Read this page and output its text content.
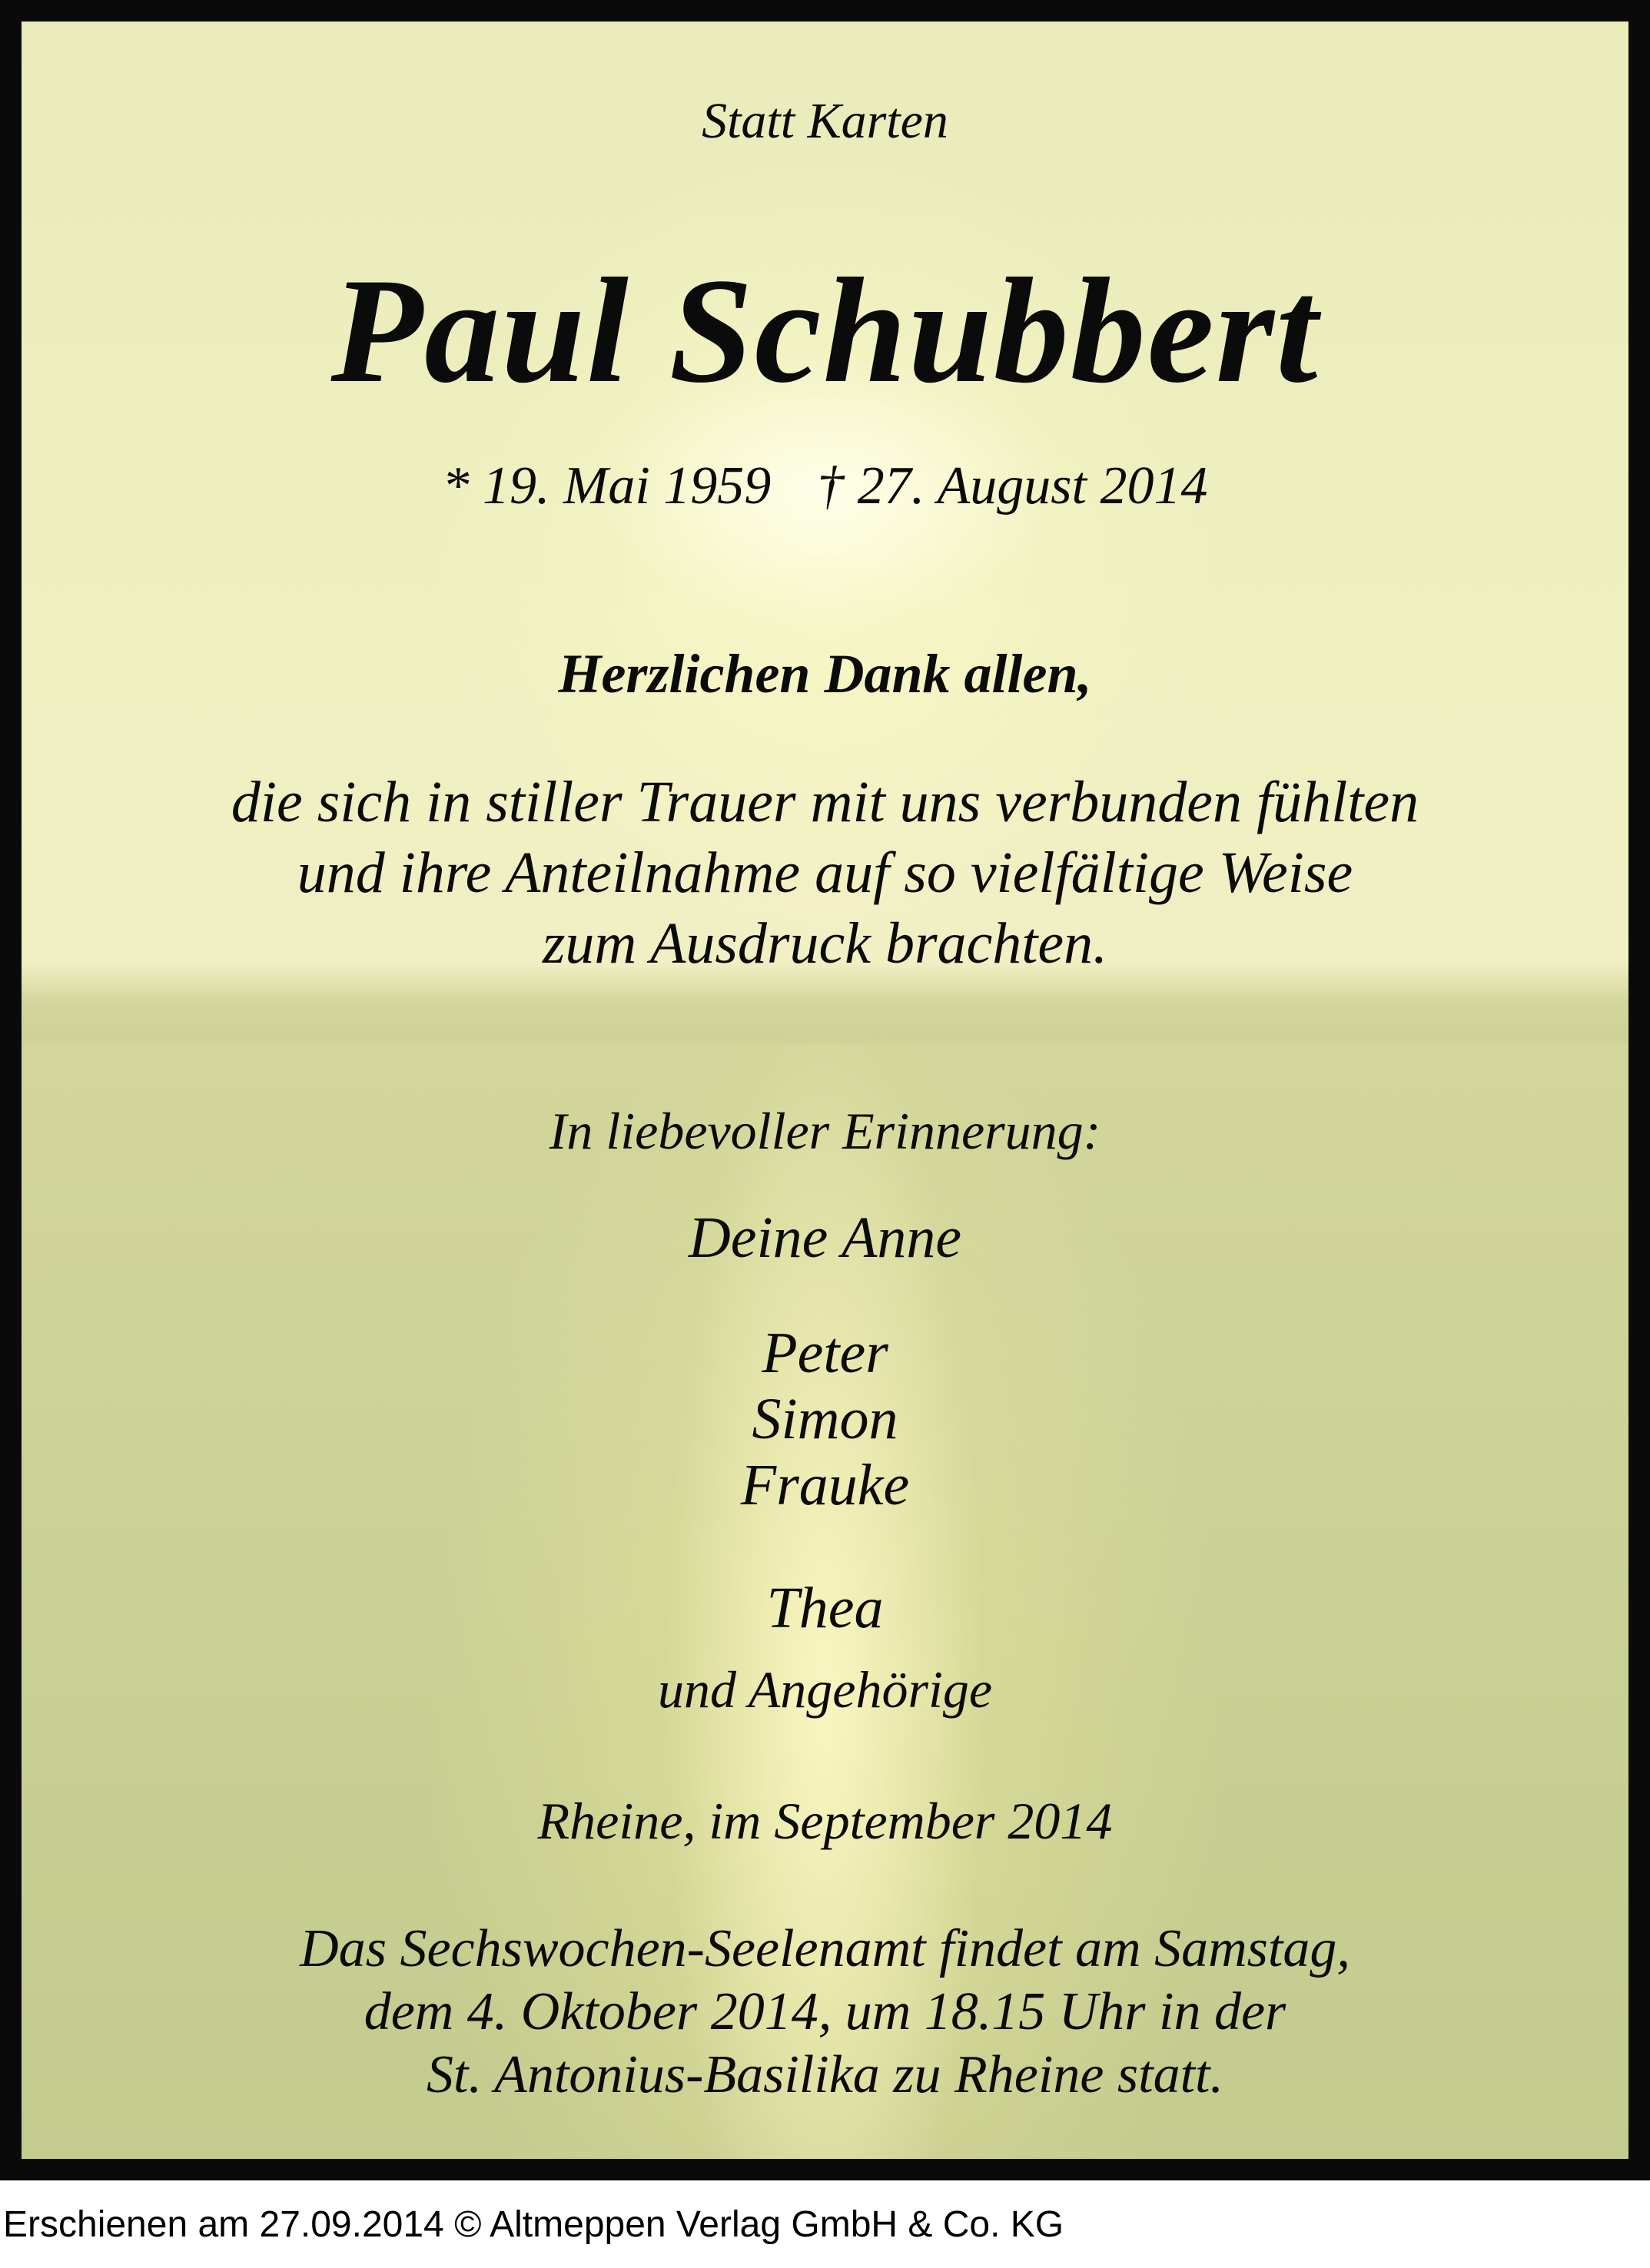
Statt Karten
Paul Schubbert
* 19. Mai 1959 † 27. August 2014
Herzlichen Dank allen,
die sich in stiller Trauer mit uns verbunden fühlten
und ihre Anteilnahme auf so vielfältige Weise
zum Ausdruck brachten.
In liebevoller Erinnerung:
Deine Anne
Peter
Simon
Frauke
Thea
und Angehörige
Rheine, im September 2014
Das Sechswochen-Seelenamt findet am Samstag,
dem 4. Oktober 2014, um 18.15 Uhr in der
St. Antonius-Basilika zu Rheine statt.
Erschienen am 27.09.2014 © Altmeppen Verlag GmbH & Co. KG
